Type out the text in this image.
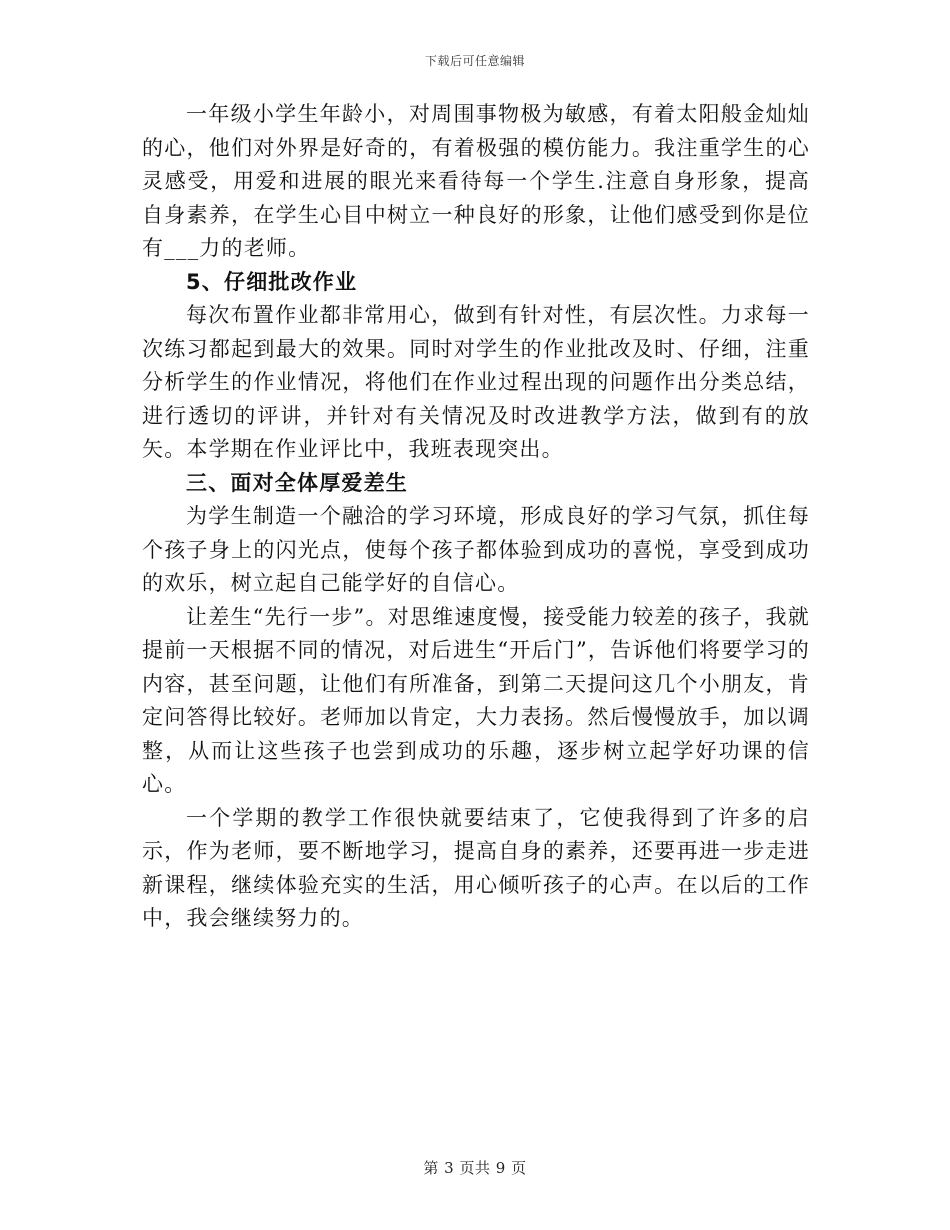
下载后可任意编辑

一年级小学生年龄小，对周围事物极为敏感，有着太阳般金灿灿的心，他们对外界是好奇的，有着极强的模仿能力。我注重学生的心灵感受，用爱和进展的眼光来看待每一个学生.注意自身形象，提高自身素养，在学生心目中树立一种良好的形象，让他们感受到你是位有___力的老师。

5、仔细批改作业

每次布置作业都非常用心，做到有针对性，有层次性。力求每一次练习都起到最大的效果。同时对学生的作业批改及时、仔细，注重分析学生的作业情况，将他们在作业过程出现的问题作出分类总结，进行透切的评讲，并针对有关情况及时改进教学方法，做到有的放矢。本学期在作业评比中，我班表现突出。

三、面对全体厚爱差生

为学生制造一个融洽的学习环境，形成良好的学习气氛，抓住每个孩子身上的闪光点，使每个孩子都体验到成功的喜悦，享受到成功的欢乐，树立起自己能学好的自信心。

让差生“先行一步”。对思维速度慢，接受能力较差的孩子，我就提前一天根据不同的情况，对后进生“开后门”，告诉他们将要学习的内容，甚至问题，让他们有所准备，到第二天提问这几个小朋友，肯定问答得比较好。老师加以肯定，大力表扬。然后慢慢放手，加以调整，从而让这些孩子也尝到成功的乐趣，逐步树立起学好功课的信心。

一个学期的教学工作很快就要结束了，它使我得到了许多的启示，作为老师，要不断地学习，提高自身的素养，还要再进一步走进新课程，继续体验充实的生活，用心倾听孩子的心声。在以后的工作中，我会继续努力的。

第 3 页共 9 页
